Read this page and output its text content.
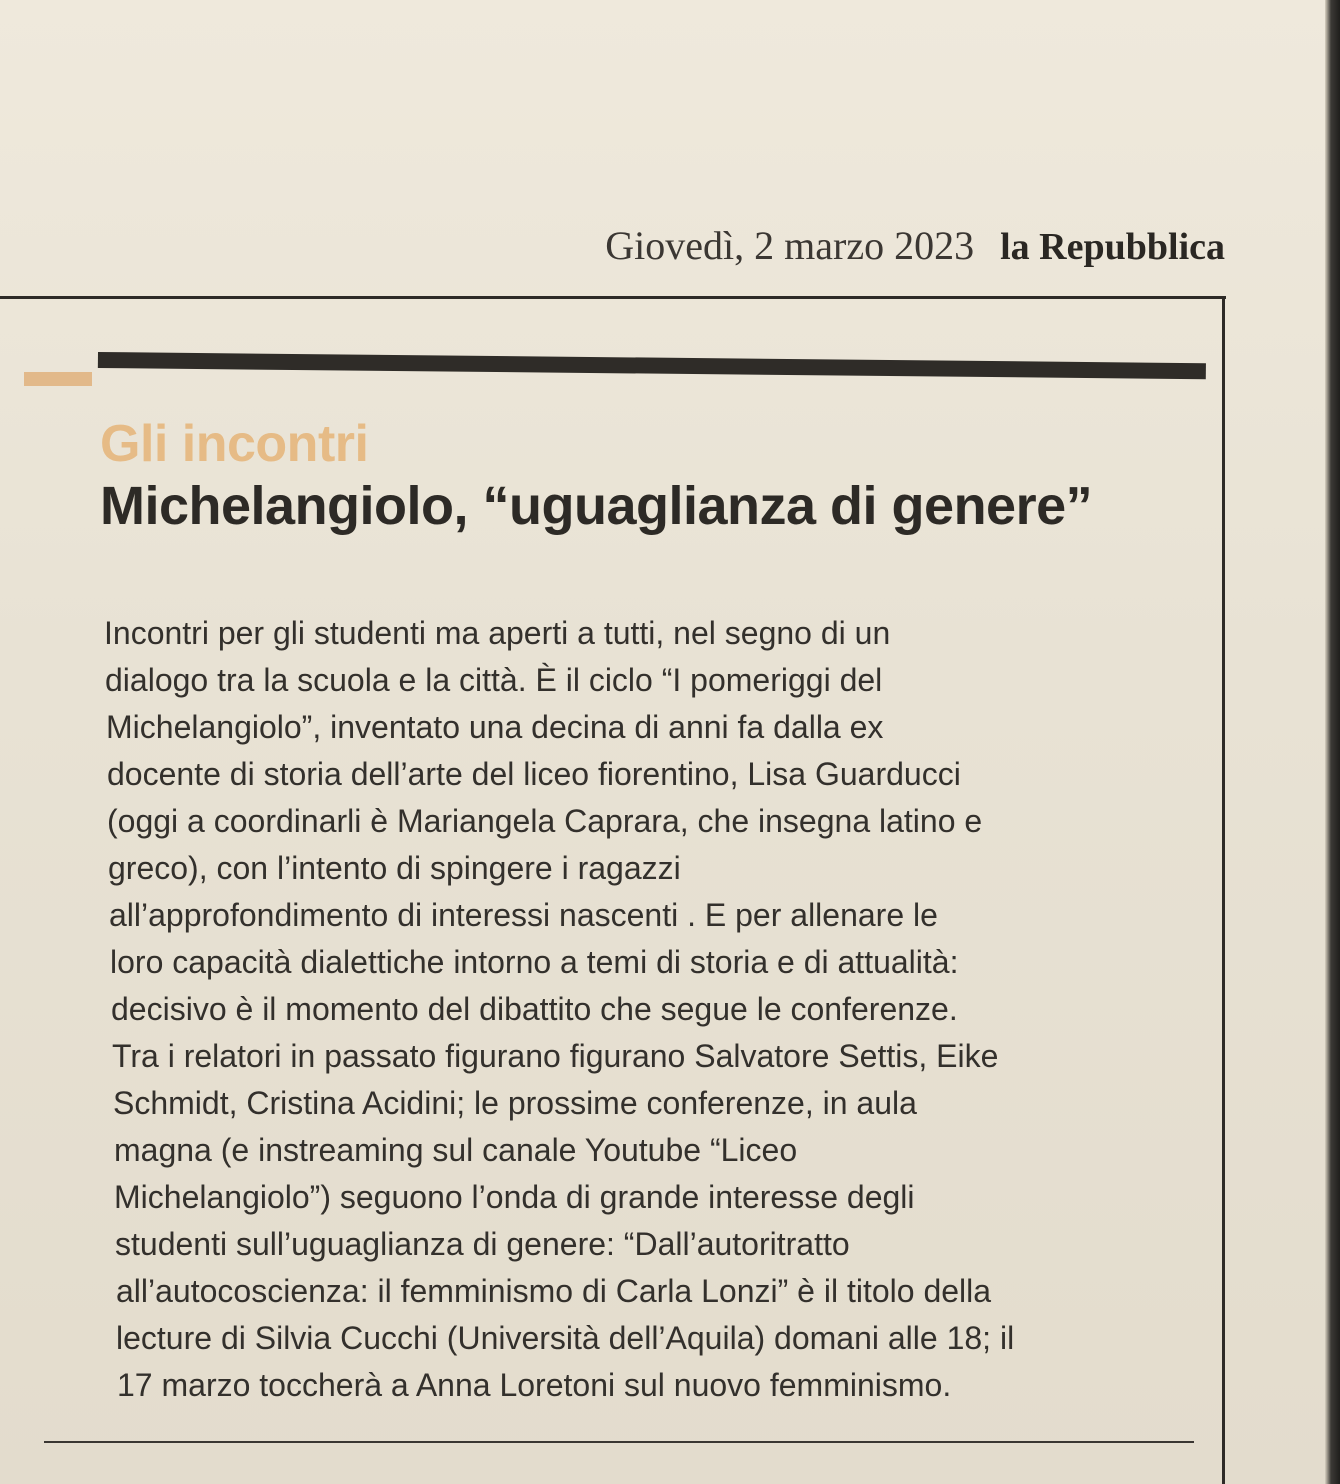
Giovedì, 2 marzo 2023 la Repubblica
Gli incontri
Michelangiolo, “uguaglianza di genere”
Incontri per gli studenti ma aperti a tutti, nel segno di un
dialogo tra la scuola e la città. È il ciclo “I pomeriggi del
Michelangiolo”, inventato una decina di anni fa dalla ex
docente di storia dell’arte del liceo fiorentino, Lisa Guarducci
(oggi a coordinarli è Mariangela Caprara, che insegna latino e
greco), con l’intento di spingere i ragazzi
all’approfondimento di interessi nascenti . E per allenare le
loro capacità dialettiche intorno a temi di storia e di attualità:
decisivo è il momento del dibattito che segue le conferenze.
Tra i relatori in passato figurano figurano Salvatore Settis, Eike
Schmidt, Cristina Acidini; le prossime conferenze, in aula
magna (e instreaming sul canale Youtube “Liceo
Michelangiolo”) seguono l’onda di grande interesse degli
studenti sull’uguaglianza di genere: “Dall’autoritratto
all’autocoscienza: il femminismo di Carla Lonzi” è il titolo della
lecture di Silvia Cucchi (Università dell’Aquila) domani alle 18; il
17 marzo toccherà a Anna Loretoni sul nuovo femminismo.
